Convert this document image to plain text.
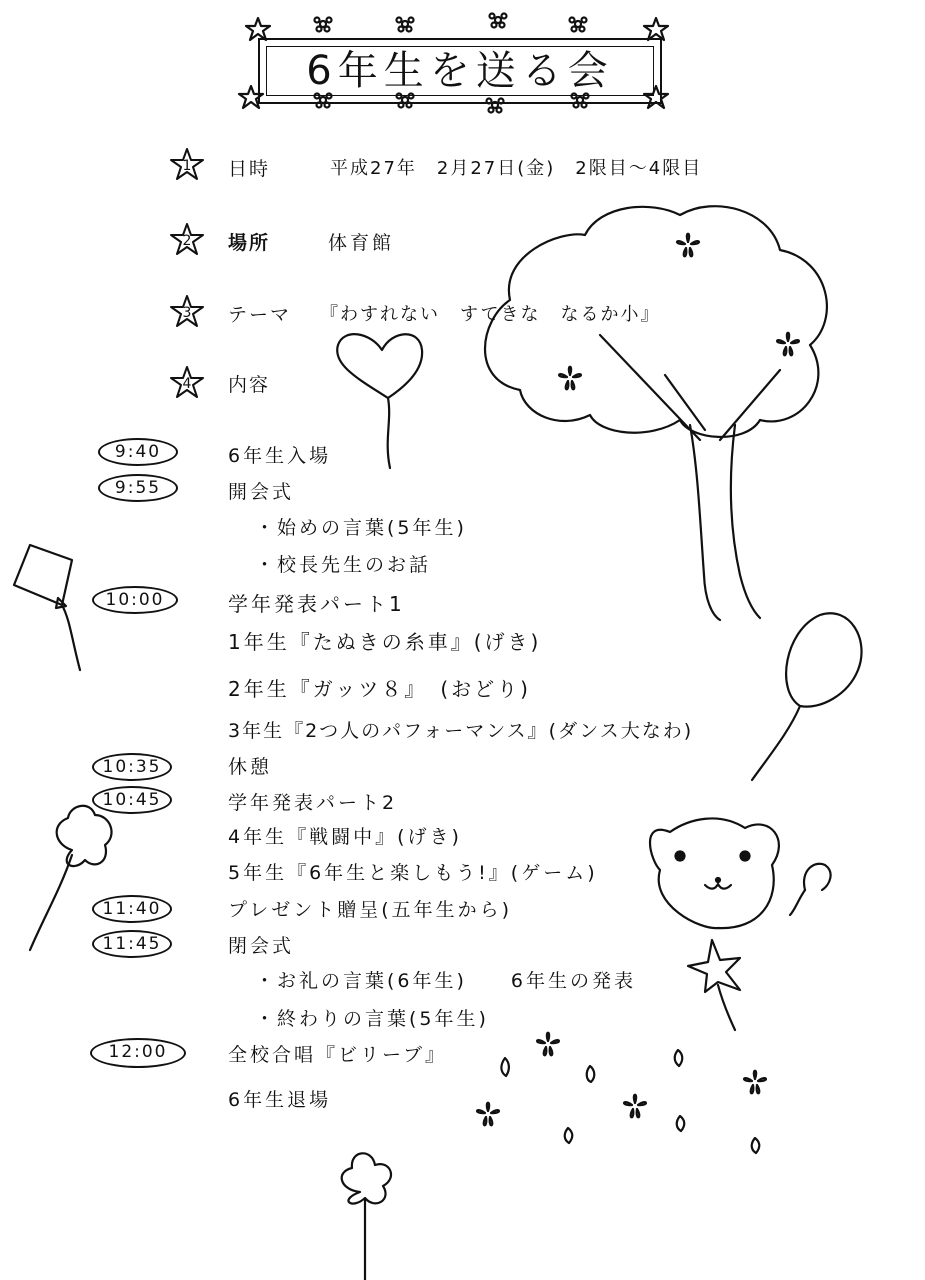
6年生を送る会
1	日時	平成27年　2月27日(金)　2限目～4限目
2	場所	体育館
3	テーマ 『わすれない　すてきな　なるか小』
4	内容
9:40	6年生入場
9:55	開会式
・始めの言葉(5年生)
・校長先生のお話
10:00	学年発表パート1
1年生『たぬきの糸車』(げき)
2年生『ガッツ８』　(おどり)
3年生『2つ人のパフォーマンス』(ダンス大なわ)
10:35	休憩
10:45	学年発表パート2
4年生『戦闘中』(げき)
5年生『6年生と楽しもう!』(ゲーム)
11:40	プレゼント贈呈(五年生から)
11:45	閉会式
・お礼の言葉(6年生)　　6年生の発表
・終わりの言葉(5年生)
12:00	全校合唱『ビリーブ』
6年生退場
